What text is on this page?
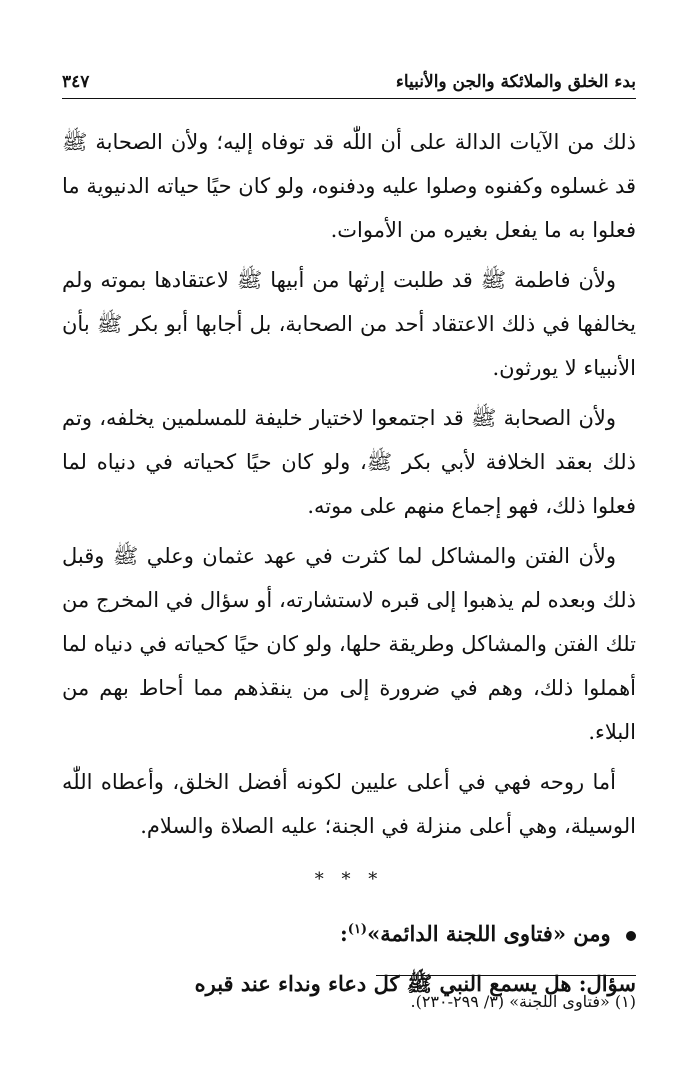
بدء الخلق والملائكة والجن والأنبياء
٣٤٧

ذلك من الآيات الدالة على أن اللّٰه قد توفاه إليه؛ ولأن الصحابة ﷺ قد غسلوه وكفنوه وصلوا عليه ودفنوه، ولو كان حيًا حياته الدنيوية ما فعلوا به ما يفعل بغيره من الأموات.

ولأن فاطمة ﷺ قد طلبت إرثها من أبيها ﷺ لاعتقادها بموته ولم يخالفها في ذلك الاعتقاد أحد من الصحابة، بل أجابها أبو بكر ﷺ بأن الأنبياء لا يورثون.

ولأن الصحابة ﷺ قد اجتمعوا لاختيار خليفة للمسلمين يخلفه، وتم ذلك بعقد الخلافة لأبي بكر ﷺ، ولو كان حيًا كحياته في دنياه لما فعلوا ذلك، فهو إجماع منهم على موته.

ولأن الفتن والمشاكل لما كثرت في عهد عثمان وعلي ﷺ وقبل ذلك وبعده لم يذهبوا إلى قبره لاستشارته، أو سؤال في المخرج من تلك الفتن والمشاكل وطريقة حلها، ولو كان حيًا كحياته في دنياه لما أهملوا ذلك، وهم في ضرورة إلى من ينقذهم مما أحاط بهم من البلاء.

أما روحه فهي في أعلى عليين لكونه أفضل الخلق، وأعطاه اللّٰه الوسيلة، وهي أعلى منزلة في الجنة؛ عليه الصلاة والسلام.

* * *
ومن «فتاوى اللجنة الدائمة»$^{(١)}$:
سؤال: هل يسمع النبي ﷺ كل دعاء ونداء عند قبره
(١) «فتاوى اللجنة» (٣/ ٢٩٩-٢٣٠).
